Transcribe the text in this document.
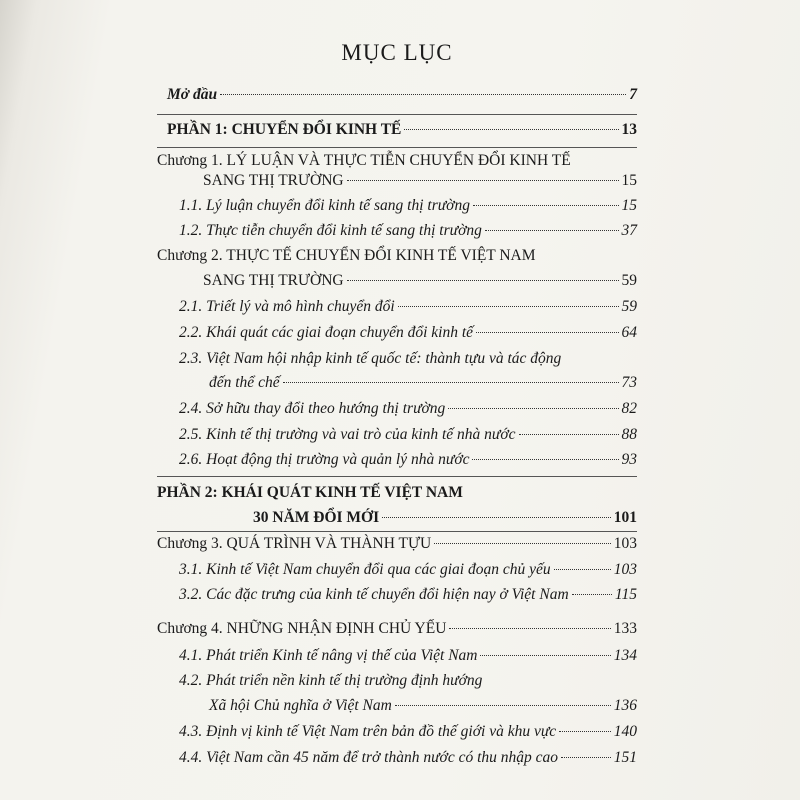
MỤC LỤC
Mở đầu	7
PHẦN 1: CHUYỂN ĐỔI KINH TẾ	13
Chương 1. LÝ LUẬN VÀ THỰC TIỄN CHUYỂN ĐỔI KINH TẾ
SANG THỊ TRƯỜNG	15
1.1. Lý luận chuyển đổi kinh tế sang thị trường	15
1.2. Thực tiễn chuyển đổi kinh tế sang thị trường	37
Chương 2. THỰC TẾ CHUYỂN ĐỔI KINH TẾ VIỆT NAM
SANG THỊ TRƯỜNG	59
2.1. Triết lý và mô hình chuyển đổi	59
2.2. Khái quát các giai đoạn chuyển đổi kinh tế	64
2.3. Việt Nam hội nhập kinh tế quốc tế: thành tựu và tác động
đến thể chế	73
2.4. Sở hữu thay đổi theo hướng thị trường	82
2.5. Kinh tế thị trường và vai trò của kinh tế nhà nước	88
2.6. Hoạt động thị trường và quản lý nhà nước	93
PHẦN 2: KHÁI QUÁT KINH TẾ VIỆT NAM
30 NĂM ĐỔI MỚI	101
Chương 3. QUÁ TRÌNH VÀ THÀNH TỰU	103
3.1. Kinh tế Việt Nam chuyển đổi qua các giai đoạn chủ yếu	103
3.2. Các đặc trưng của kinh tế chuyển đổi hiện nay ở Việt Nam	115
Chương 4. NHỮNG NHẬN ĐỊNH CHỦ YẾU	133
4.1. Phát triển Kinh tế nâng vị thế của Việt Nam	134
4.2. Phát triển nền kinh tế thị trường định hướng
Xã hội Chủ nghĩa ở Việt Nam	136
4.3. Định vị kinh tế Việt Nam trên bản đồ thế giới và khu vực	140
4.4. Việt Nam cần 45 năm để trở thành nước có thu nhập cao	151
